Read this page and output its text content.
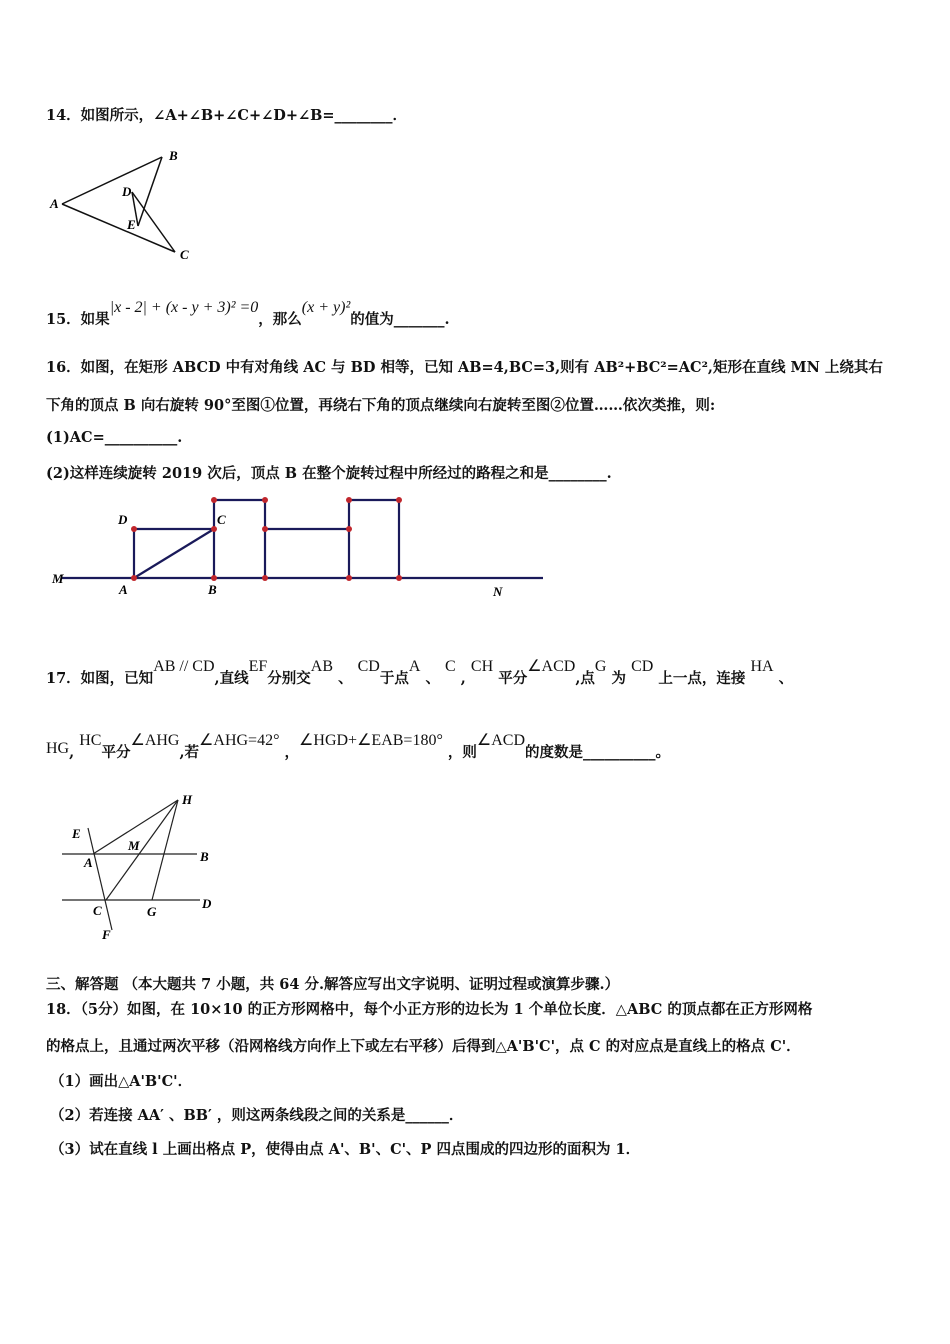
14．如图所示，∠A+∠B+∠C+∠D+∠B=________．
A
B
C
D
E
M
A	B
C
D
N
H
E
M
A	B
C	G
D
F
15．如果|x - 2| + (x - y + 3)² =0，那么(x + y)²的值为_______.
16．如图，在矩形 ABCD 中有对角线 AC 与 BD 相等，已知 AB=4,BC=3,则有 AB²+BC²=AC²,矩形在直线 MN 上绕其右
下角的顶点 B 向右旋转 90°至图①位置，再绕右下角的顶点继续向右旋转至图②位置……依次类推，则:
(1)AC=__________.
(2)这样连续旋转 2019 次后，顶点 B 在整个旋转过程中所经过的路程之和是________.
17．如图，已知AB // CD,直线EF分别交AB 、 CD于点A 、 C , CH 平分∠ACD,点G 为 CD 上一点，连接 HA 、
HG, HC平分∠AHG,若∠AHG=42° ，∠HGD+∠EAB=180° ，则∠ACD的度数是__________。
三、解答题 （本大题共 7 小题，共 64 分.解答应写出文字说明、证明过程或演算步骤.）
18．（5分）如图，在 10×10 的正方形网格中，每个小正方形的边长为 1 个单位长度．△ABC 的顶点都在正方形网格
的格点上，且通过两次平移（沿网格线方向作上下或左右平移）后得到△A'B'C'，点 C 的对应点是直线上的格点 C'．
（1）画出△A'B'C'．
（2）若连接 AA′ 、BB′ ，则这两条线段之间的关系是______．
（3）试在直线 l 上画出格点 P，使得由点 A'、B'、C'、P 四点围成的四边形的面积为 1．
